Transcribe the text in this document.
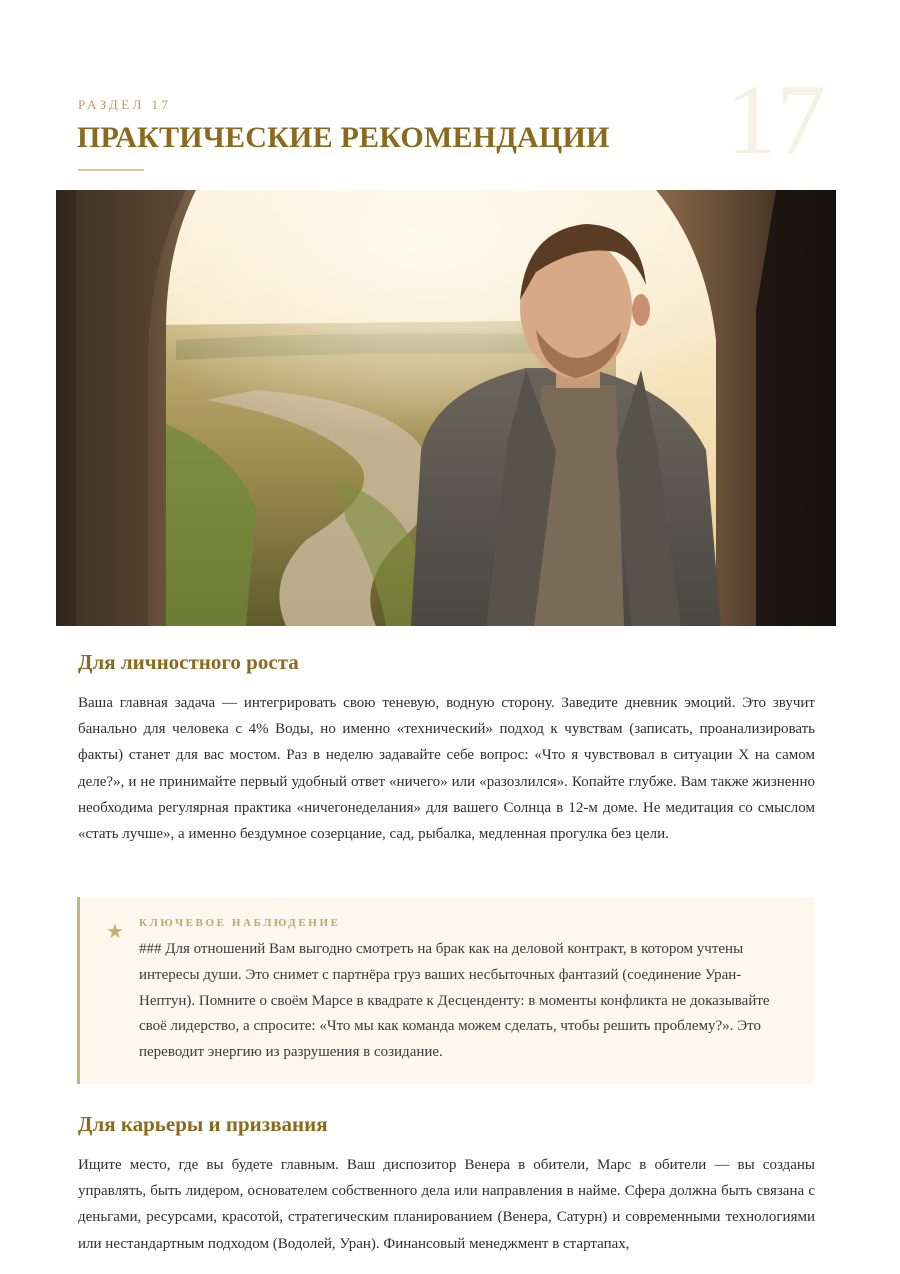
17
РАЗДЕЛ 17
ПРАКТИЧЕСКИЕ РЕКОМЕНДАЦИИ
Для личностного роста

Ваша главная задача — интегрировать свою теневую, водную сторону. Заведите дневник эмоций. Это звучит банально для человека с 4% Воды, но именно «технический» подход к чувствам (записать, проанализировать факты) станет для вас мостом. Раз в неделю задавайте себе вопрос: «Что я чувствовал в ситуации X на самом деле?», и не принимайте первый удобный ответ «ничего» или «разозлился». Копайте глубже. Вам также жизненно необходима регулярная практика «ничегонеделания» для вашего Солнца в 12-м доме. Не медитация со смыслом «стать лучше», а именно бездумное созерцание, сад, рыбалка, медленная прогулка без цели.

★ КЛЮЧЕВОЕ НАБЛЮДЕНИЕ

### Для отношений Вам выгодно смотреть на брак как на деловой контракт, в котором учтены интересы души. Это снимет с партнёра груз ваших несбыточных фантазий (соединение Уран-Нептун). Помните о своём Марсе в квадрате к Десценденту: в моменты конфликта не доказывайте своё лидерство, а спросите: «Что мы как команда можем сделать, чтобы решить проблему?». Это переводит энергию из разрушения в созидание.

Для карьеры и призвания

Ищите место, где вы будете главным. Ваш диспозитор Венера в обители, Марс в обители — вы созданы управлять, быть лидером, основателем собственного дела или направления в найме. Сфера должна быть связана с деньгами, ресурсами, красотой, стратегическим планированием (Венера, Сатурн) и современными технологиями или нестандартным подходом (Водолей, Уран). Финансовый менеджмент в стартапах,
